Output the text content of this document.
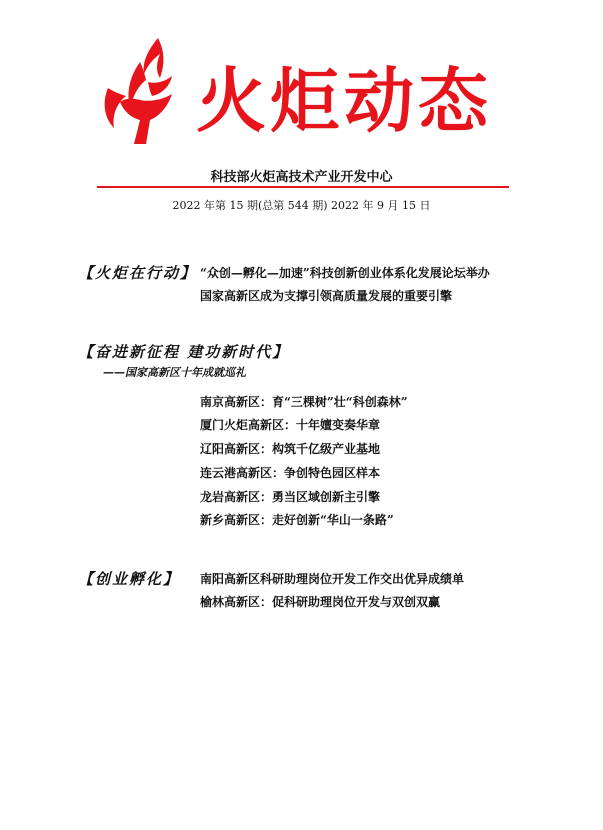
火炬动态
科技部火炬高技术产业开发中心
2022 年第 15 期(总第 544 期) 2022 年 9 月 15 日
【火炬在行动】 “众创—孵化—加速”科技创新创业体系化发展论坛举办
国家高新区成为支撑引领高质量发展的重要引擎
【奋进新征程 建功新时代】
——国家高新区十年成就巡礼
南京高新区：育“三棵树”壮“科创森林”
厦门火炬高新区：十年嬗变奏华章
辽阳高新区：构筑千亿级产业基地
连云港高新区：争创特色园区样本
龙岩高新区：勇当区域创新主引擎
新乡高新区：走好创新“华山一条路”
【创业孵化】 南阳高新区科研助理岗位开发工作交出优异成绩单
榆林高新区：促科研助理岗位开发与双创双赢
